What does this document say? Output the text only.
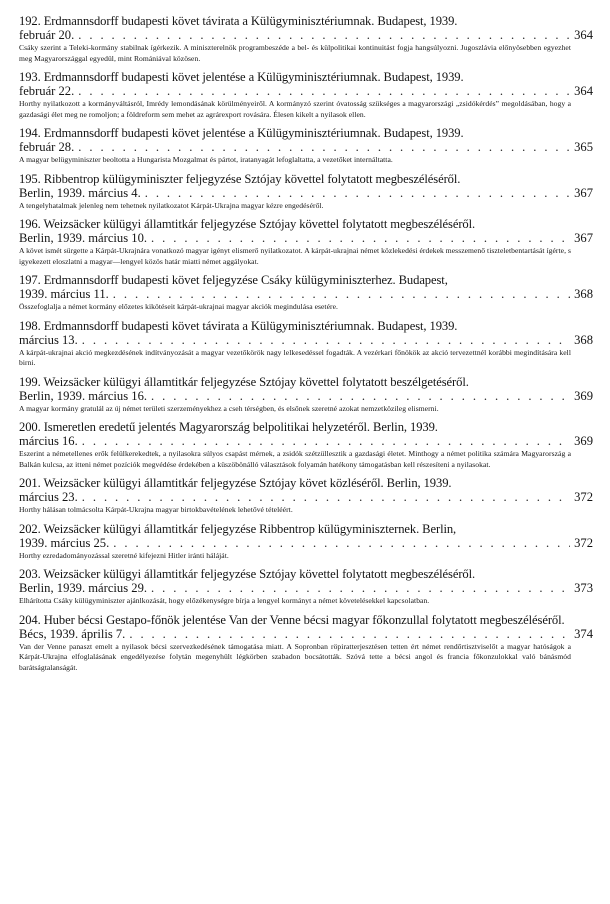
192. Erdmannsdorff budapesti követ távirata a Külügyminisztériumnak. Budapest, 1939.
február 20. . . .	364
Csáky szerint a Teleki-kormány stabilnak ígérkezik. A miniszterelnök programbeszéde a bel- és külpolitikai kontinuitást fogja hangsúlyozni. Jugoszlávia előnyösebben egyezhet meg Magyarországgal egyedül, mint Romániával közösen.
193. Erdmannsdorff budapesti követ jelentése a Külügyminisztériumnak. Budapest, 1939.
február 22. . . .	364
Horthy nyilatkozott a kormányváltásról, Imrédy lemondásának körülményeiről. A kormányzó szerint óvatosság szükséges a magyarországi „zsidókérdés” megoldásában, hogy a gazdasági élet meg ne romoljon; a földreform sem mehet az agrárexport rovására. Élesen kikelt a nyilasok ellen.
194. Erdmannsdorff budapesti követ jelentése a Külügyminisztériumnak. Budapest, 1939.
február 28. . . .	365
A magyar belügyminiszter beoltotta a Hungarista Mozgalmat és pártot, iratanyagát lefoglaltatta, a vezetőket internáltatta.
195. Ribbentrop külügyminiszter feljegyzése Sztójay követtel folytatott megbeszéléséről.
Berlin, 1939. március 4. . . .	367
A tengelyhatalmak jelenleg nem tehetnek nyilatkozatot Kárpát-Ukrajna magyar kézre engedéséről.
196. Weizsäcker külügyi államtitkár feljegyzése Sztójay követtel folytatott megbeszéléséről.
Berlin, 1939. március 10. . . .	367
A követ ismét sürgette a Kárpát-Ukrajnára vonatkozó magyar igényt elismerő nyilatkozatot. A kárpát-ukrajnai német közlekedési érdekek messzemenő tiszteletbentartását ígérte, s igyekezett eloszlatni a magyar—lengyel közös határ miatti német aggályokat.
197. Erdmannsdorff budapesti követ feljegyzése Csáky külügyminiszterhez. Budapest,
1939. március 11. . . .	368
Összefoglalja a német kormány előzetes kikötéseit kárpát-ukrajnai magyar akciók megindulása esetére.
198. Erdmannsdorff budapesti követ távirata a Külügyminisztériumnak. Budapest, 1939.
március 13. . . .	368
A kárpát-ukrajnai akció megkezdésének indítványozását a magyar vezetőkörök nagy lelkesedéssel fogadták. A vezérkari főnökök az akció tervezettnél korábbi megindítására kell birni.
199. Weizsäcker külügyi államtitkár feljegyzése Sztójay követtel folytatott beszélgetéséről.
Berlin, 1939. március 16. . . .	369
A magyar kormány gratulál az új német területi szerzeményekhez a cseh térségben, és elsőnek szeretné azokat nemzetközileg elismerni.
200. Ismeretlen eredetű jelentés Magyarország belpolitikai helyzetéről. Berlin, 1939.
március 16. . . .	369
Eszerint a németellenes erők felülkerekedtek, a nyilasokra súlyos csapást mérnek, a zsidók szétzüllesztik a gazdasági életet. Minthogy a német politika számára Magyarország a Balkán kulcsa, az itteni német pozíciók megvédése érdekében a küszöbönálló választások folyamán hatékony támogatásban kell részesíteni a nyilasokat.
201. Weizsäcker külügyi államtitkár feljegyzése Sztójay követ közléséről. Berlin, 1939.
március 23. . . .	372
Horthy hálásan tolmácsolta Kárpát-Ukrajna magyar birtokbavételének lehetővé tételéért.
202. Weizsäcker külügyi államtitkár feljegyzése Ribbentrop külügyminiszternek. Berlin,
1939. március 25. . . .	372
Horthy ezredadományozással szeretné kifejezni Hitler iránti háláját.
203. Weizsäcker külügyi államtitkár feljegyzése Sztójay követtel folytatott megbeszéléséről.
Berlin, 1939. március 29. . . .	373
Elhárította Csáky külügyminiszter ajánlkozását, hogy előzékenységre bírja a lengyel kormányt a német követelésekkel kapcsolatban.
204. Huber bécsi Gestapo-főnök jelentése Van der Venne bécsi magyar főkonzullal folytatott megbeszéléséről.
Bécs, 1939. április 7. . . .	374
Van der Venne panaszt emelt a nyilasok bécsi szervezkedésének támogatása miatt. A Sopronban röpiratterjesztésen tetten ért német rendőrtisztviselőt a magyar hatóságok a Kárpát-Ukrajna elfoglalásának engedélyezése folytán megenyhült légkörben szabadon bocsátották. Szóvá tette a bécsi angol és francia főkonzulokkal való bánásmód barátságtalanságát.
